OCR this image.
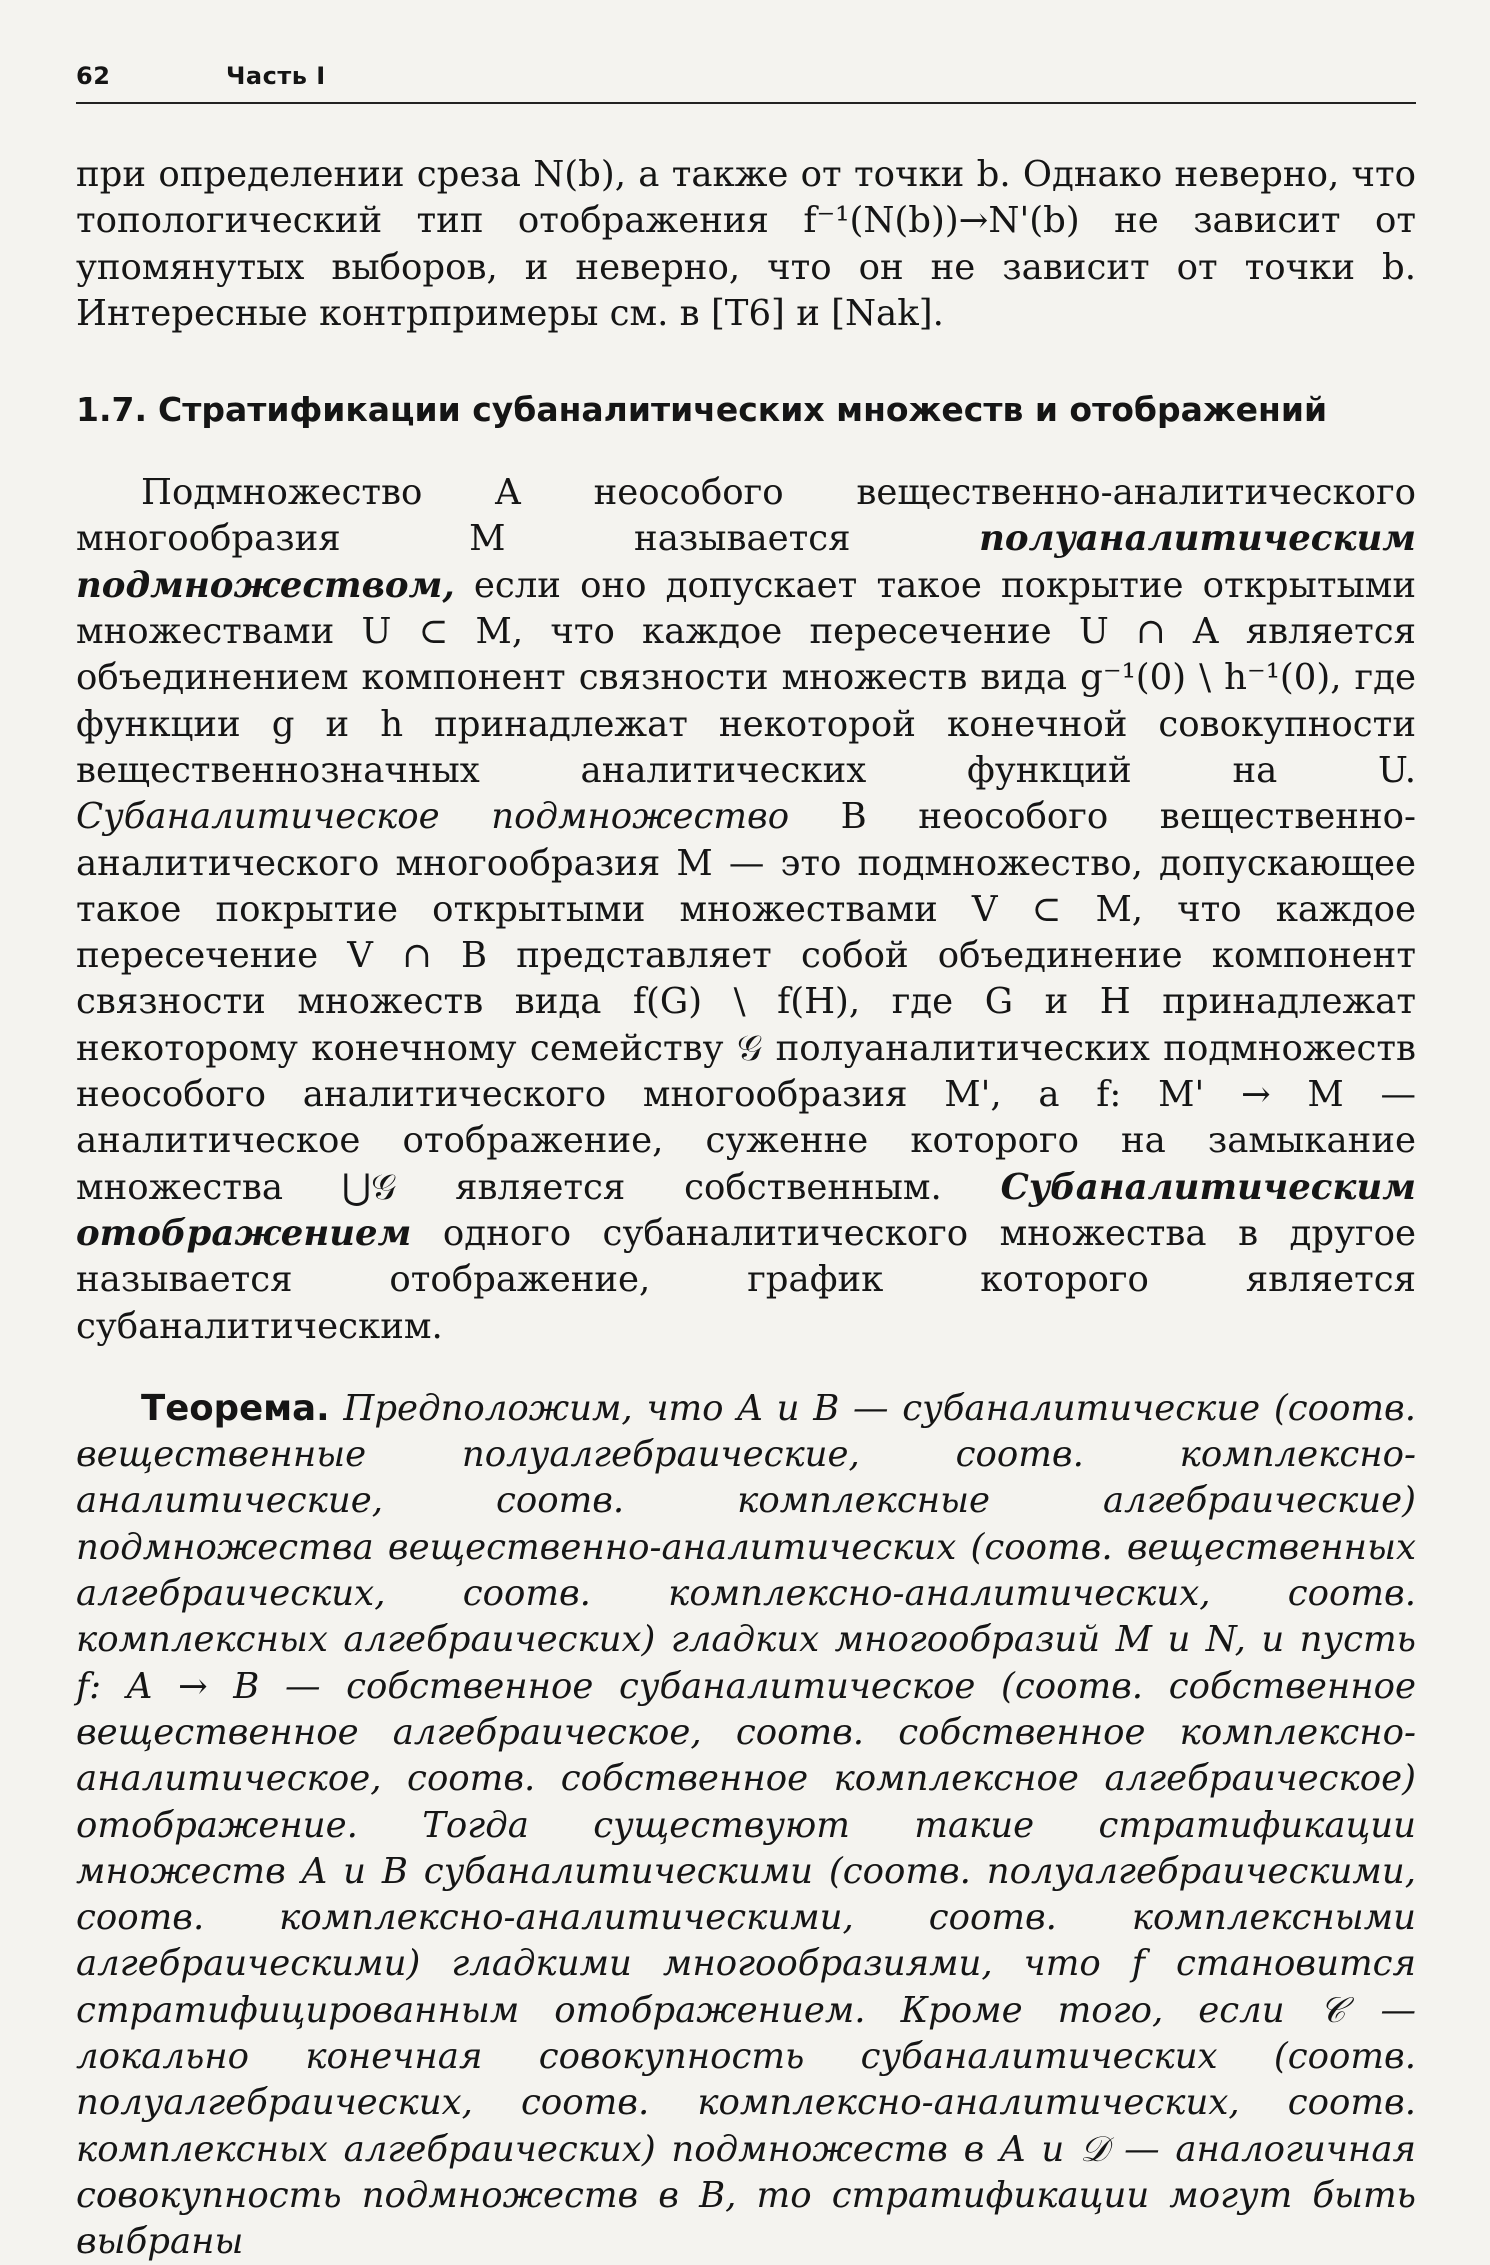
62	Часть I

при определении среза N(b), а также от точки b. Однако неверно, что топологический тип отображения f⁻¹(N(b))→N'(b) не зависит от упомянутых выборов, и неверно, что он не зависит от точки b. Интересные контрпримеры см. в [T6] и [Nak].

1.7. Стратификации субаналитических множеств и отображений

Подмножество A неособого вещественно-аналитического многообразия M называется полуаналитическим подмножеством, если оно допускает такое покрытие открытыми множествами U ⊂ M, что каждое пересечение U ∩ A является объединением компонент связности множеств вида g⁻¹(0) \ h⁻¹(0), где функции g и h принадлежат некоторой конечной совокупности вещественнозначных аналитических функций на U. Субаналитическое подмножество B неособого вещественно-аналитического многообразия M — это подмножество, допускающее такое покрытие открытыми множествами V ⊂ M, что каждое пересечение V ∩ B представляет собой объединение компонент связности множеств вида f(G) \ f(H), где G и H принадлежат некоторому конечному семейству 𝒢 полуаналитических подмножеств неособого аналитического многообразия M', а f: M' → M — аналитическое отображение, суженне которого на замыкание множества ⋃𝒢 является собственным. Субаналитическим отображением одного субаналитического множества в другое называется отображение, график которого является субаналитическим.

Теорема. Предположим, что A и B — субаналитические (соотв. вещественные полуалгебраические, соотв. комплексно-аналитические, соотв. комплексные алгебраические) подмножества вещественно-аналитических (соотв. вещественных алгебраических, соотв. комплексно-аналитических, соотв. комплексных алгебраических) гладких многообразий M и N, и пусть f: A → B — собственное субаналитическое (соотв. собственное вещественное алгебраическое, соотв. собственное комплексно-аналитическое, соотв. собственное комплексное алгебраическое) отображение. Тогда существуют такие стратификации множеств A и B субаналитическими (соотв. полуалгебраическими, соотв. комплексно-аналитическими, соотв. комплексными алгебраическими) гладкими многообразиями, что f становится стратифицированным отображением. Кроме того, если 𝒞 — локально конечная совокупность субаналитических (соотв. полуалгебраических, соотв. комплексно-аналитических, соотв. комплексных алгебраических) подмножеств в A и 𝒟 — аналогичная совокупность подмножеств в B, то стратификации могут быть выбраны
